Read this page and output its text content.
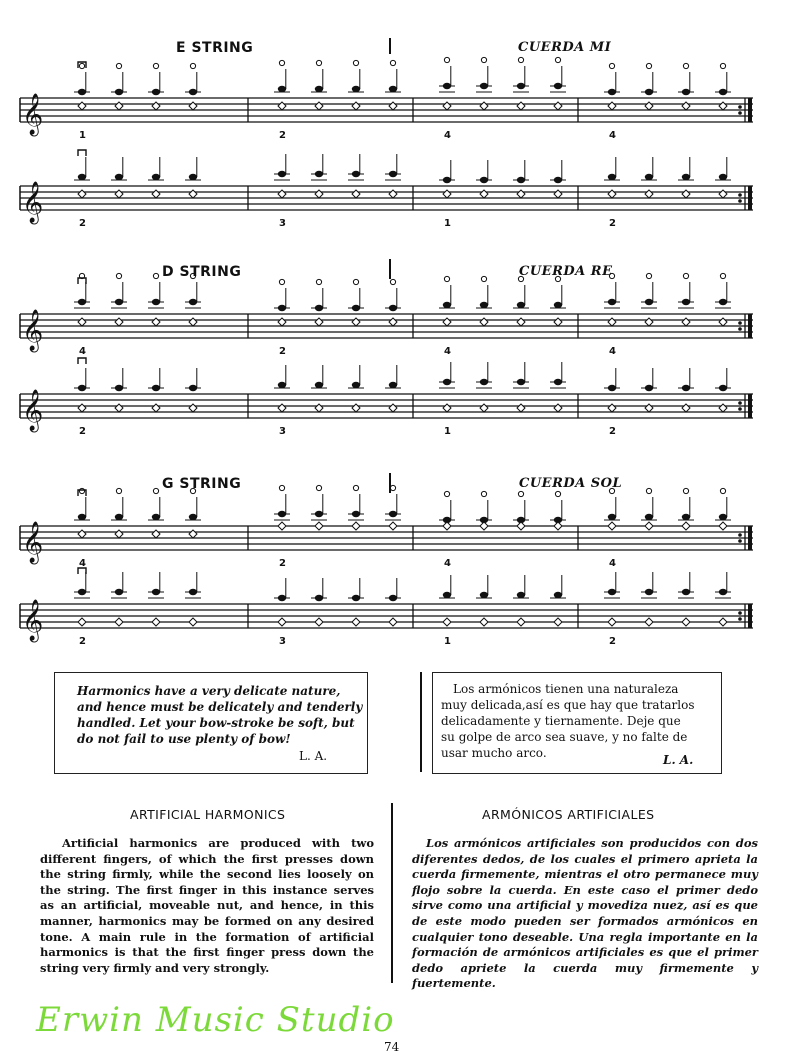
E STRING	CUERDA MI
D STRING	CUERDA RE
G STRING	CUERDA SOL
𝄞
1	2	4	4
𝄞
2	3	1	2
𝄞
4	2	4	4
𝄞
2	3	1	2
𝄞
4	2	4	4
𝄞
2	3	1	2

Harmonics have a very delicate nature,

and hence must be delicately and tenderly

handled. Let your bow-stroke be soft, but

do not fail to use plenty of bow!

L. A.

Los armónicos tienen una naturaleza

muy delicada,así es que hay que tratarlos

delicadamente y tiernamente. Deje que

su golpe de arco sea suave, y no falte de

usar mucho arco.	L. A.
ARTIFICIAL HARMONICS	ARMÓNICOS ARTIFICIALES
Artificial harmonics are produced with two different fingers, of which the first presses down the string firmly, while the second lies loosely on the string. The first finger in this instance serves as an artificial, moveable nut, and hence, in this manner, harmonics may be formed on any desired tone. A main rule in the formation of artificial harmonics is that the first finger press down the string very firmly and very strongly.
Los armónicos artificiales son producidos con dos diferentes dedos, de los cuales el primero aprieta la cuerda firmemente, mientras el otro permanece muy flojo sobre la cuerda. En este caso el primer dedo sirve como una artificial y movediza nuez, así es que de este modo pueden ser formados armónicos en cualquier tono deseable. Una regla importante en la formación de armónicos artificiales es que el primer dedo apriete la cuerda muy firmemente y fuertemente.
Erwin Music Studio
74
